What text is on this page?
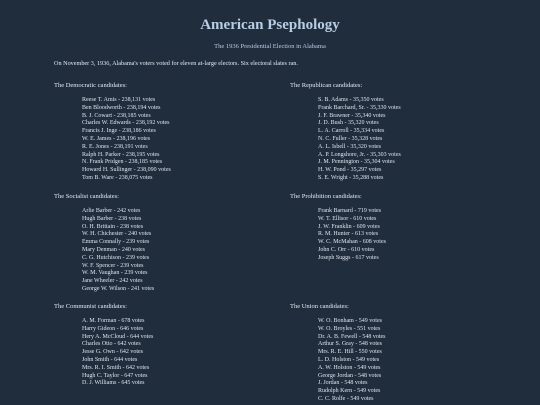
American Psephology
The 1936 Presidential Election in Alabama
On November 3, 1936, Alabama's voters voted for eleven at-large electors. Six electoral slates ran.
The Democratic candidates:
Reese T. Amis - 238,131 votes
Ben Bloodworth - 238,194 votes
B. J. Cowart - 238,185 votes
Charles W. Edwards - 238,192 votes
Francis J. Inge - 238,186 votes
W. E. James - 238,196 votes
R. E. Jones - 238,191 votes
Ralph H. Parker - 238,195 votes
N. Frank Pridgen - 238,185 votes
Howard H. Sullinger - 238,090 votes
Tom B. Ware - 238,075 votes
The Republican candidates:
S. B. Adams - 35,350 votes
Frank Barchard, Sr. - 35,330 votes
J. F. Brawner - 35,340 votes
J. D. Bush - 35,320 votes
L. A. Carroll - 35,334 votes
N. C. Fuller - 35,328 votes
A. L. Isbell - 35,320 votes
A. P. Longshore, Jr. - 35,303 votes
J. M. Pennington - 35,304 votes
H. W. Pond - 35,297 votes
S. E. Wright - 35,288 votes
The Socialist candidates:
Arlie Barber - 242 votes
Hugh Barber - 238 votes
O. H. Brittain - 238 votes
W. H. Chichester - 240 votes
Emma Connally - 239 votes
Mary Denman - 240 votes
C. G. Hutchison - 239 votes
W. F. Spencer - 239 votes
W. M. Vaughan - 239 votes
Jane Wheeler - 242 votes
George W. Wilson - 241 votes
The Prohibition candidates:
Frank Barnard - 719 votes
W. T. Ellisor - 610 votes
J. W. Franklin - 609 votes
R. M. Hunter - 613 votes
W. C. McMahan - 608 votes
John C. Orr - 610 votes
Joseph Suggs - 617 votes
The Communist candidates:
A. M. Forman - 678 votes
Harry Gideon - 646 votes
Hery A. McCloud - 644 votes
Charles Otto - 642 votes
Jesse G. Own - 642 votes
John Smith - 644 votes
Mrs. R. I. Smith - 642 votes
Hugh C. Taylor - 647 votes
D. J. Williams - 645 votes
The Union candidates:
W. O. Bonham - 549 votes
W. O. Broyles - 551 votes
Dr. A. B. Fewell - 548 votes
Arthur S. Gray - 548 votes
Mrs. R. E. Hill - 550 votes
L. D. Holston - 549 votes
A. W. Holston - 549 votes
George Jordan - 548 votes
J. Jordan - 548 votes
Rudolph Kern - 549 votes
C. C. Rolfe - 549 votes
